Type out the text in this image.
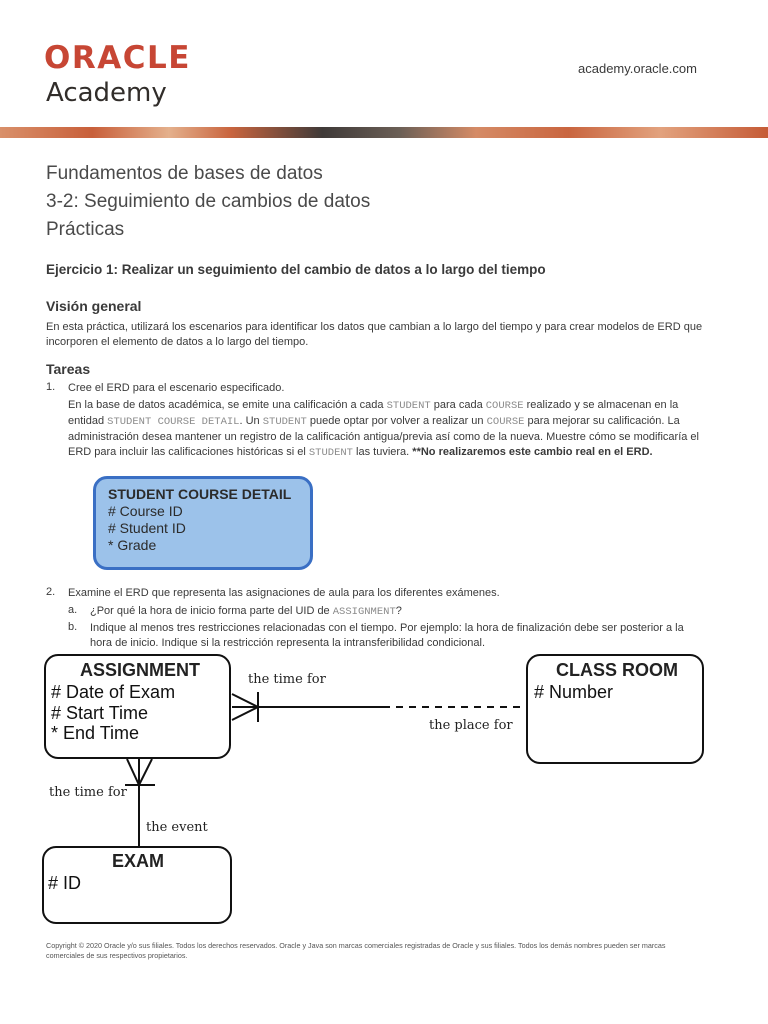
ORACLE
Academy
academy.oracle.com
Fundamentos de bases de datos
3-2: Seguimiento de cambios de datos
Prácticas
Ejercicio 1: Realizar un seguimiento del cambio de datos a lo largo del tiempo
Visión general
En esta práctica, utilizará los escenarios para identificar los datos que cambian a lo largo del tiempo y para crear modelos de ERD que
incorporen el elemento de datos a lo largo del tiempo.
Tareas
1. Cree el ERD para el escenario especificado.
En la base de datos académica, se emite una calificación a cada STUDENT para cada COURSE realizado y se almacenan en la
entidad STUDENT COURSE DETAIL. Un STUDENT puede optar por volver a realizar un COURSE para mejorar su calificación. La
administración desea mantener un registro de la calificación antigua/previa así como de la nueva. Muestre cómo se modificaría el
ERD para incluir las calificaciones históricas si el STUDENT las tuviera. **No realizaremos este cambio real en el ERD.
STUDENT COURSE DETAIL
# Course ID
# Student ID
* Grade
2. Examine el ERD que representa las asignaciones de aula para los diferentes exámenes.
a. ¿Por qué la hora de inicio forma parte del UID de ASSIGNMENT?
b. Indique al menos tres restricciones relacionadas con el tiempo. Por ejemplo: la hora de finalización debe ser posterior a la
hora de inicio. Indique si la restricción representa la intransferibilidad condicional.
ASSIGNMENT
# Date of Exam
# Start Time
* End Time
CLASS ROOM
# Number
EXAM
# ID
the time for
the place for
the time for
the event
Copyright © 2020 Oracle y/o sus filiales. Todos los derechos reservados. Oracle y Java son marcas comerciales registradas de Oracle y sus filiales. Todos los demás nombres pueden ser marcas
comerciales de sus respectivos propietarios.
